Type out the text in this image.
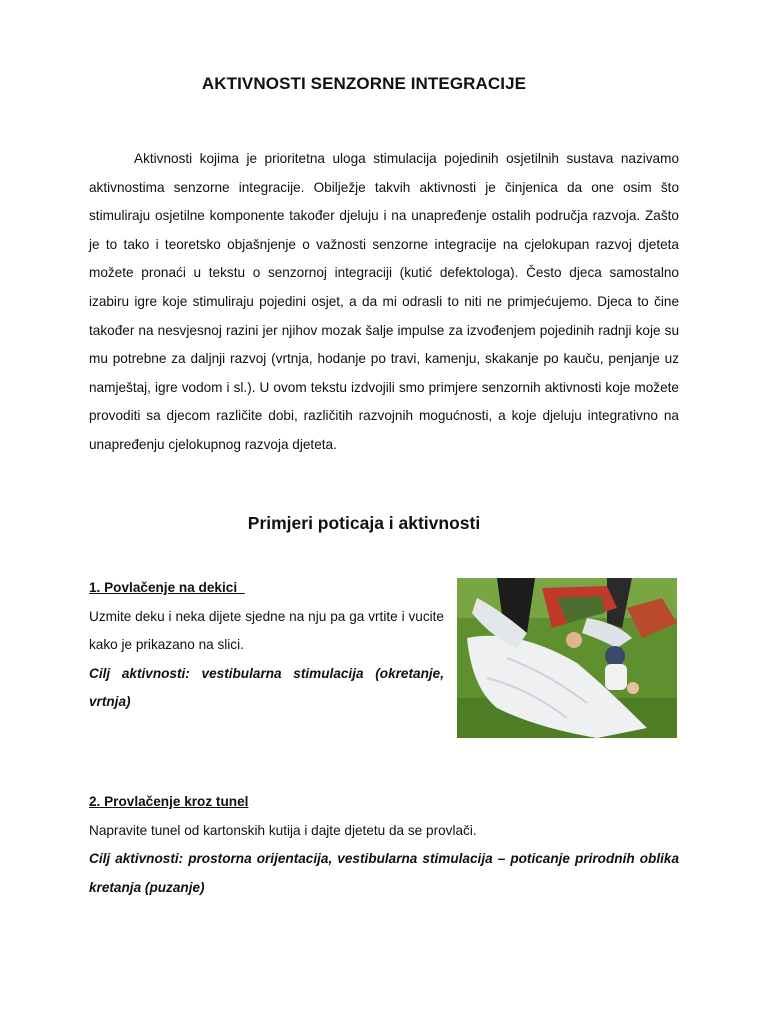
AKTIVNOSTI SENZORNE INTEGRACIJE

Aktivnosti kojima je prioritetna uloga stimulacija pojedinih osjetilnih sustava nazivamo aktivnostima senzorne integracije. Obilježje takvih aktivnosti je činjenica da one osim što stimuliraju osjetilne komponente također djeluju i na unapređenje ostalih područja razvoja. Zašto je to tako i teoretsko objašnjenje o važnosti senzorne integracije na cjelokupan razvoj djeteta možete pronaći u tekstu o senzornoj integraciji (kutić defektologa). Često djeca samostalno izabiru igre koje stimuliraju pojedini osjet, a da mi odrasli to niti ne primjećujemo. Djeca to čine također na nesvjesnoj razini jer njihov mozak šalje impulse za izvođenjem pojedinih radnji koje su mu potrebne za daljnji razvoj (vrtnja, hodanje po travi, kamenju, skakanje po kauču, penjanje uz namještaj, igre vodom i sl.). U ovom tekstu izdvojili smo primjere senzornih aktivnosti koje možete provoditi sa djecom različite dobi, različitih razvojnih mogućnosti, a koje djeluju integrativno na unapređenju cjelokupnog razvoja djeteta.

Primjeri poticaja i aktivnosti

1. Povlačenje na dekici

Uzmite deku i neka dijete sjedne na nju pa ga vrtite i vucite kako je prikazano na slici.

Cilj aktivnosti: vestibularna stimulacija (okretanje, vrtnja)

2. Provlačenje kroz tunel

Napravite tunel od kartonskih kutija i dajte djetetu da se provlači.

Cilj aktivnosti: prostorna orijentacija, vestibularna stimulacija – poticanje prirodnih oblika kretanja (puzanje)
